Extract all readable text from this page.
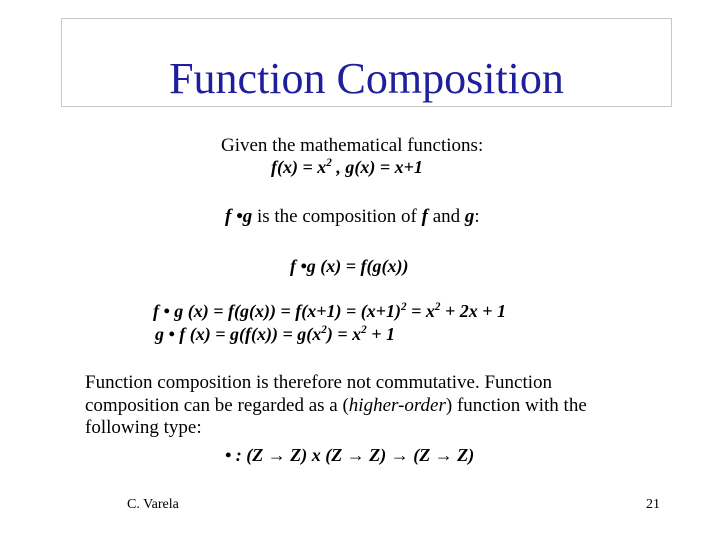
Function Composition
Given the mathematical functions:
$f(x) = x^2$ , g(x) = x+1
f •g is the composition of f and g:
f •g (x) = f(g(x))
f • g $(x) = f(g(x)) = f(x+1) = (x+1)^2 = x^2 + 2x + 1$
g • f $(x) = g(f(x)) = g(x^2) = x^2 + 1$
Function composition is therefore not commutative. Function
composition can be regarded as a (higher-order) function with the
following type:
• : (Z → Z) x (Z → Z) → (Z → Z)
C. Varela	21
